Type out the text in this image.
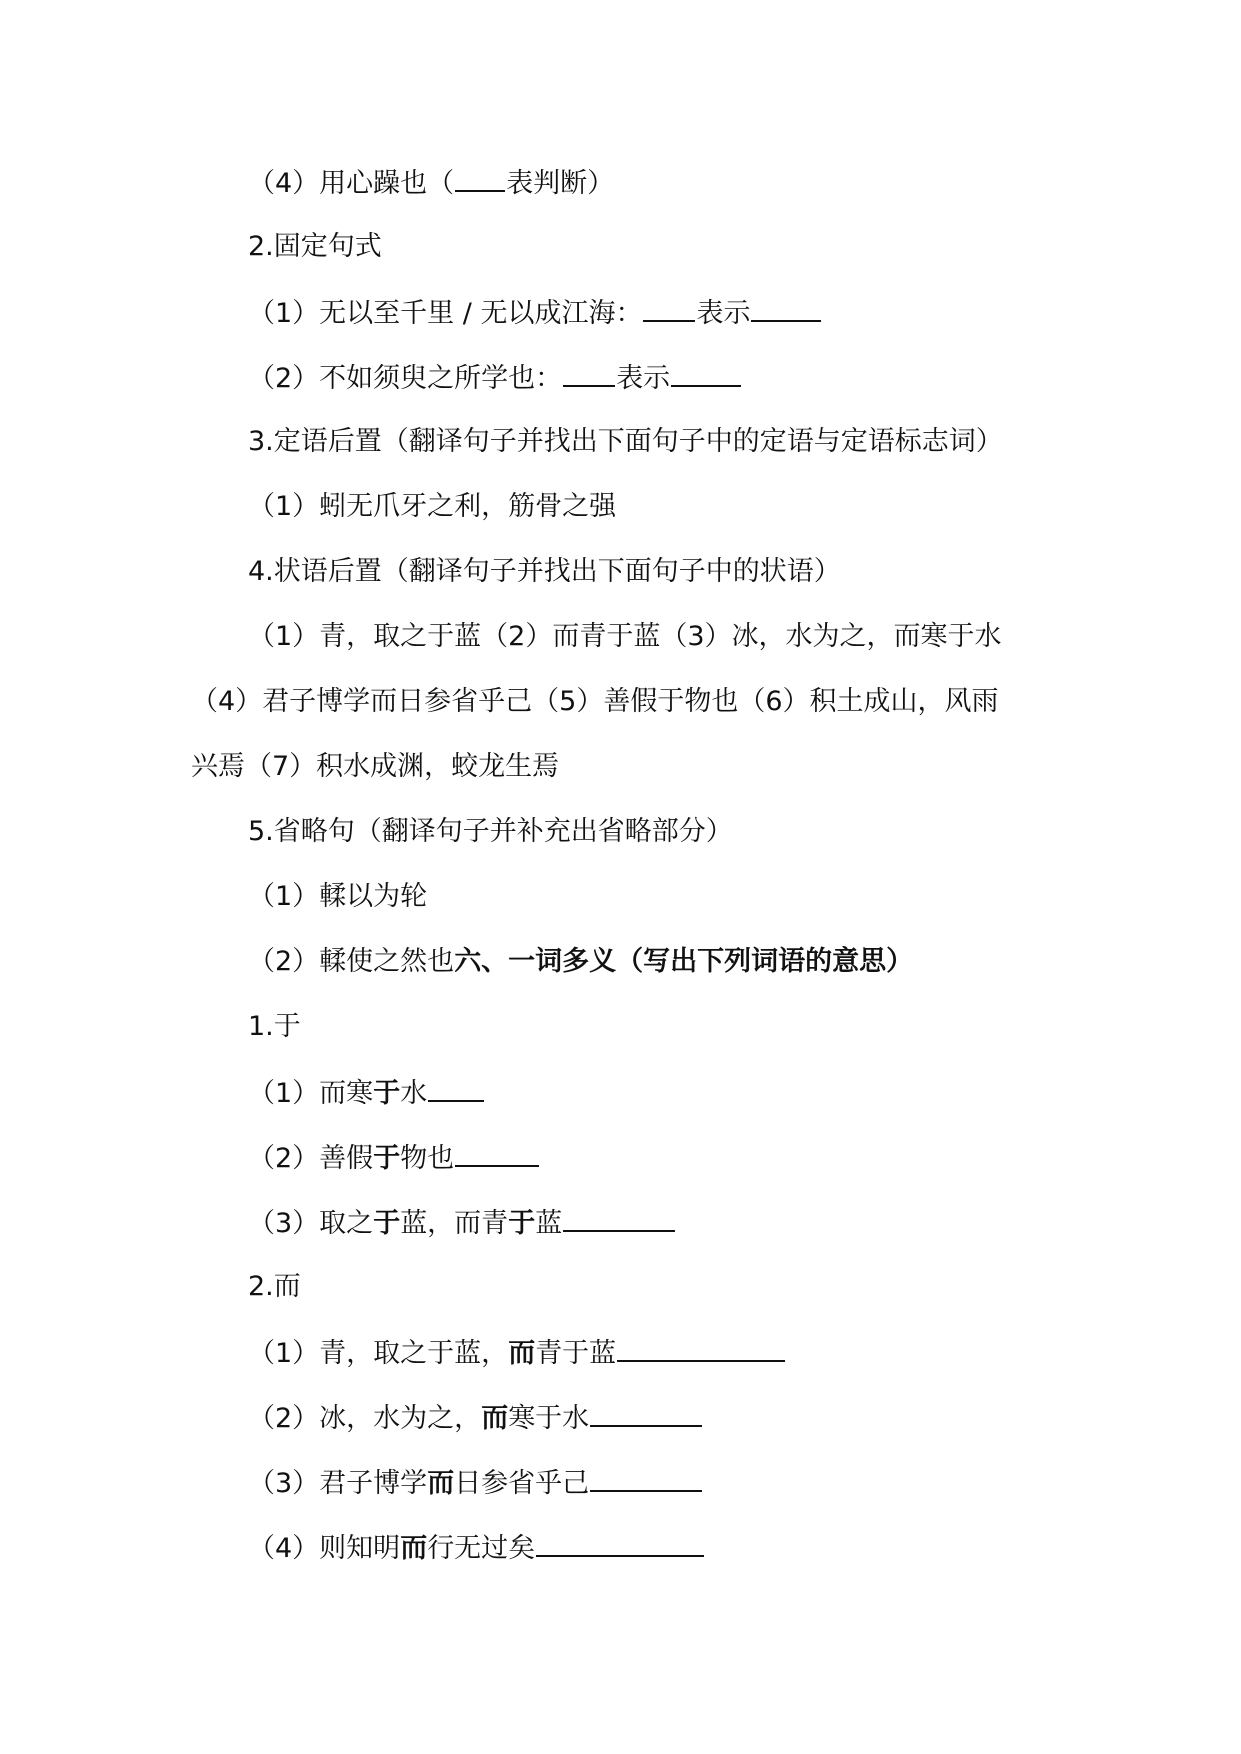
（4）用心躁也（ 表判断）
2.固定句式
（1）无以至千里 / 无以成江海： 表示
（2）不如须臾之所学也： 表示
3.定语后置（翻译句子并找出下面句子中的定语与定语标志词）
（1）蚓无爪牙之利，筋骨之强
4.状语后置（翻译句子并找出下面句子中的状语）
（1）青，取之于蓝（2）而青于蓝（3）冰，水为之，而寒于水
（4）君子博学而日参省乎己（5）善假于物也（6）积土成山，风雨
兴焉（7）积水成渊，蛟龙生焉
5.省略句（翻译句子并补充出省略部分）
（1）輮以为轮
（2）輮使之然也六、一词多义（写出下列词语的意思）
1.于
（1）而寒于水
（2）善假于物也
（3）取之于蓝，而青于蓝
2.而
（1）青，取之于蓝，而青于蓝
（2）冰，水为之，而寒于水
（3）君子博学而日参省乎己
（4）则知明而行无过矣
